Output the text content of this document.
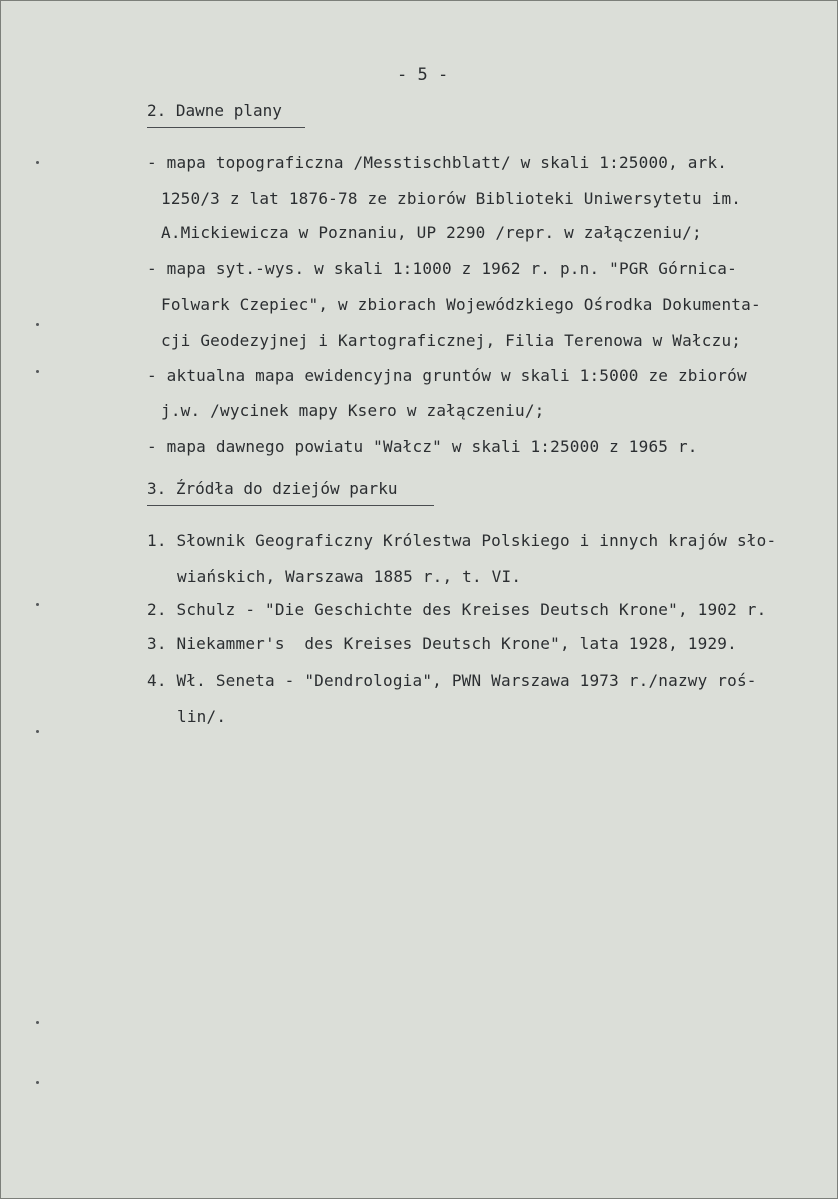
- 5 -
2. Dawne plany
- mapa topograficzna /Messtischblatt/ w skali 1:25000, ark.
1250/3 z lat 1876-78 ze zbiorów Biblioteki Uniwersytetu im.
A.Mickiewicza w Poznaniu, UP 2290 /repr. w załączeniu/;
- mapa syt.-wys. w skali 1:1000 z 1962 r. p.n. "PGR Górnica-
Folwark Czepiec", w zbiorach Wojewódzkiego Ośrodka Dokumenta-
cji Geodezyjnej i Kartograficznej, Filia Terenowa w Wałczu;
- aktualna mapa ewidencyjna gruntów w skali 1:5000 ze zbiorów
j.w. /wycinek mapy Ksero w załączeniu/;
- mapa dawnego powiatu "Wałcz" w skali 1:25000 z 1965 r.
3. Źródła do dziejów parku
1. Słownik Geograficzny Królestwa Polskiego i innych krajów sło-
wiańskich, Warszawa 1885 r., t. VI.
2. Schulz - "Die Geschichte des Kreises Deutsch Krone", 1902 r.
3. Niekammer's  des Kreises Deutsch Krone", lata 1928, 1929.
4. Wł. Seneta - "Dendrologia", PWN Warszawa 1973 r./nazwy roś-
lin/.
